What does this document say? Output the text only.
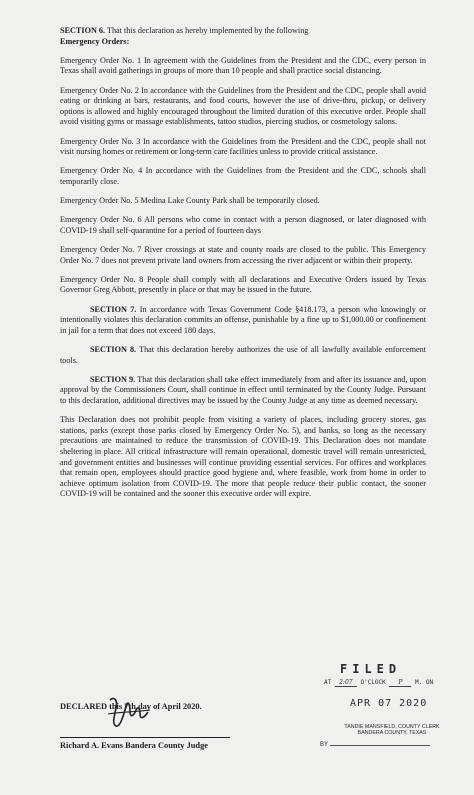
SECTION 6. That this declaration as hereby implemented by the following
Emergency Orders:

Emergency Order No. 1 In agreement with the Guidelines from the President and the CDC, every person in Texas shall avoid gatherings in groups of more than 10 people and shall practice social distancing.

Emergency Order No. 2 In accordance with the Guidelines from the President and the CDC, people shall avoid eating or drinking at bars, restaurants, and food courts, however the use of drive-thru, pickup, or delivery options is allowed and highly encouraged throughout the limited duration of this executive order. People shall avoid visiting gyms or massage establishments, tattoo studios, piercing studios, or cosmetology salons.

Emergency Order No. 3 In accordance with the Guidelines from the President and the CDC, people shall not visit nursing homes or retirement or long-term care facilities unless to provide critical assistance.

Emergency Order No. 4 In accordance with the Guidelines from the President and the CDC, schools shall temporarily close.

Emergency Order No. 5 Medina Lake County Park shall be temporarily closed.

Emergency Order No. 6 All persons who come in contact with a person diagnosed, or later diagnosed with COVID-19 shall self-quarantine for a period of fourteen days

Emergency Order No. 7 River crossings at state and county roads are closed to the public. This Emergency Order No. 7 does not prevent private land owners from accessing the river adjacent or within their property.

Emergency Order No. 8 People shall comply with all declarations and Executive Orders issued by Texas Governor Greg Abbott, presently in place or that may be issued in the future.

SECTION 7. In accordance with Texas Government Code §418.173, a person who knowingly or intentionally violates this declaration commits an offense, punishable by a fine up to $1,000.00 or confinement in jail for a term that does not exceed 180 days.

SECTION 8. That this declaration hereby authorizes the use of all lawfully available enforcement tools.

SECTION 9. That this declaration shall take effect immediately from and after its issuance and, upon approval by the Commissioners Court, shall continue in effect until terminated by the County Judge. Pursuant to this declaration, additional directives may be issued by the County Judge at any time as deemed necessary.

This Declaration does not prohibit people from visiting a variety of places, including grocery stores, gas stations, parks (except those parks closed by Emergency Order No. 5), and banks, so long as the necessary precautions are maintained to reduce the transmission of COVID-19. This Declaration does not mandate sheltering in place. All critical infrastructure will remain operational, domestic travel will remain unrestricted, and government entities and businesses will continue providing essential services. For offices and workplaces that remain open, employees should practice good hygiene and, where feasible, work from home in order to achieve optimum isolation from COVID-19. The more that people reduce their public contact, the sooner COVID-19 will be contained and the sooner this executive order will expire.

DECLARED this 7th day of April 2020.
Richard A. Evans Bandera County Judge
FILED
AT 2:07 O'CLOCK P M. ON
APR 07 2020
TANDIE MANSFIELD, COUNTY CLERK
BANDERA COUNTY, TEXAS
BY
